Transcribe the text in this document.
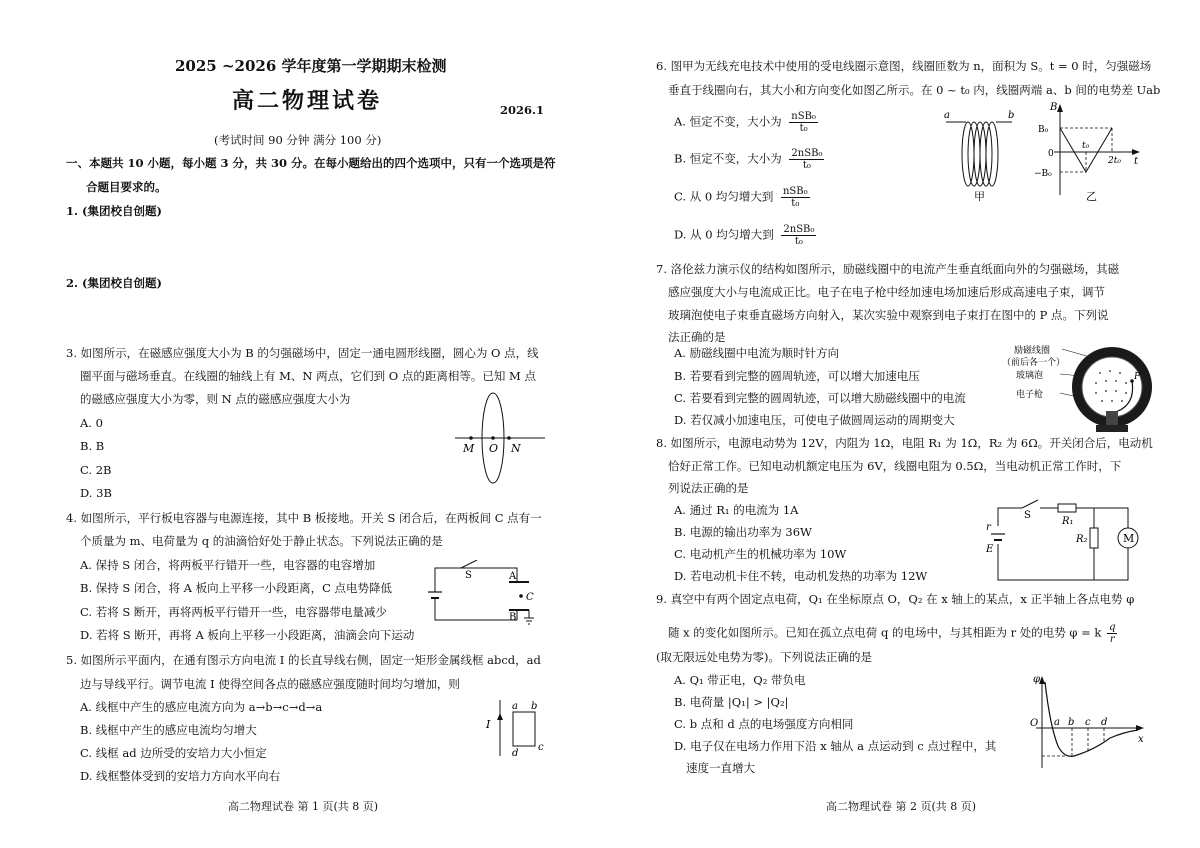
2025 ~2026 学年度第一学期期末检测
高二物理试卷	2026.1
(考试时间 90 分钟 满分 100 分)
一、本题共 10 小题，每小题 3 分，共 30 分。在每小题给出的四个选项中，只有一个选项是符
合题目要求的。
1. (集团校自创题)
2. (集团校自创题)
3. 如图所示，在磁感应强度大小为 B 的匀强磁场中，固定一通电圆形线圈，圆心为 O 点，线
圈平面与磁场垂直。在线圈的轴线上有 M、N 两点，它们到 O 点的距离相等。已知 M 点
的磁感应强度大小为零，则 N 点的磁感应强度大小为
A. 0
B. B
C. 2B
D. 3B
M O N
4. 如图所示，平行板电容器与电源连接，其中 B 板接地。开关 S 闭合后，在两板间 C 点有一
个质量为 m、电荷量为 q 的油滴恰好处于静止状态。下列说法正确的是
A. 保持 S 闭合，将两板平行错开一些，电容器的电容增加
B. 保持 S 闭合，将 A 板向上平移一小段距离，C 点电势降低
C. 若将 S 断开，再将两板平行错开一些，电容器带电量减少
D. 若将 S 断开，再将 A 板向上平移一小段距离，油滴会向下运动
S	A
B
C
5. 如图所示平面内，在通有图示方向电流 I 的长直导线右侧，固定一矩形金属线框 abcd，ad
边与导线平行。调节电流 I 使得空间各点的磁感应强度随时间均匀增加，则
A. 线框中产生的感应电流方向为 a→b→c→d→a
B. 线框中产生的感应电流均匀增大
C. 线框 ad 边所受的安培力大小恒定
D. 线框整体受到的安培力方向水平向右
I
a b
c
d
高二物理试卷 第 1 页(共 8 页)
6. 图甲为无线充电技术中使用的受电线圈示意图，线圈匝数为 n，面积为 S。t = 0 时，匀强磁场
垂直于线圈向右，其大小和方向变化如图乙所示。在 0 ~ t₀ 内，线圈两端 a、b 间的电势差 Uab
A. 恒定不变，大小为 nSB₀
t₀
B. 恒定不变，大小为 2nSB₀
t₀
C. 从 0 均匀增大到 nSB₀
t₀
D. 从 0 均匀增大到 2nSB₀
t₀
a	b
甲
B
B₀
0
−B₀
t₀
2t₀ t
乙
7. 洛伦兹力演示仪的结构如图所示，励磁线圈中的电流产生垂直纸面向外的匀强磁场，其磁
感应强度大小与电流成正比。电子在电子枪中经加速电场加速后形成高速电子束，调节
玻璃泡使电子束垂直磁场方向射入，某次实验中观察到电子束打在图中的 P 点。下列说
法正确的是
A. 励磁线圈中电流为顺时针方向
B. 若要看到完整的圆周轨迹，可以增大加速电压
C. 若要看到完整的圆周轨迹，可以增大励磁线圈中的电流
D. 若仅减小加速电压，可使电子做圆周运动的周期变大
励磁线圈
（前后各一个）
玻璃泡
电子枪
P
8. 如图所示，电源电动势为 12V，内阻为 1Ω，电阻 R₁ 为 1Ω，R₂ 为 6Ω。开关闭合后，电动机
恰好正常工作。已知电动机额定电压为 6V，线圈电阻为 0.5Ω，当电动机正常工作时，下
列说法正确的是
A. 通过 R₁ 的电流为 1A
B. 电源的输出功率为 36W
C. 电动机产生的机械功率为 10W
D. 若电动机卡住不转，电动机发热的功率为 12W
M
S
R₁
R₂
r
E
9. 真空中有两个固定点电荷，Q₁ 在坐标原点 O，Q₂ 在 x 轴上的某点，x 正半轴上各点电势 φ
随 x 的变化如图所示。已知在孤立点电荷 q 的电场中，与其相距为 r 处的电势 φ = k $\frac{q}{r}$
(取无限远处电势为零)。下列说法正确的是
A. Q₁ 带正电，Q₂ 带负电
B. 电荷量 |Q₁| > |Q₂|
C. b 点和 d 点的电场强度方向相同
D. 电子仅在电场力作用下沿 x 轴从 a 点运动到 c 点过程中，其
速度一直增大
φ
O a b c d
x
高二物理试卷 第 2 页(共 8 页)
